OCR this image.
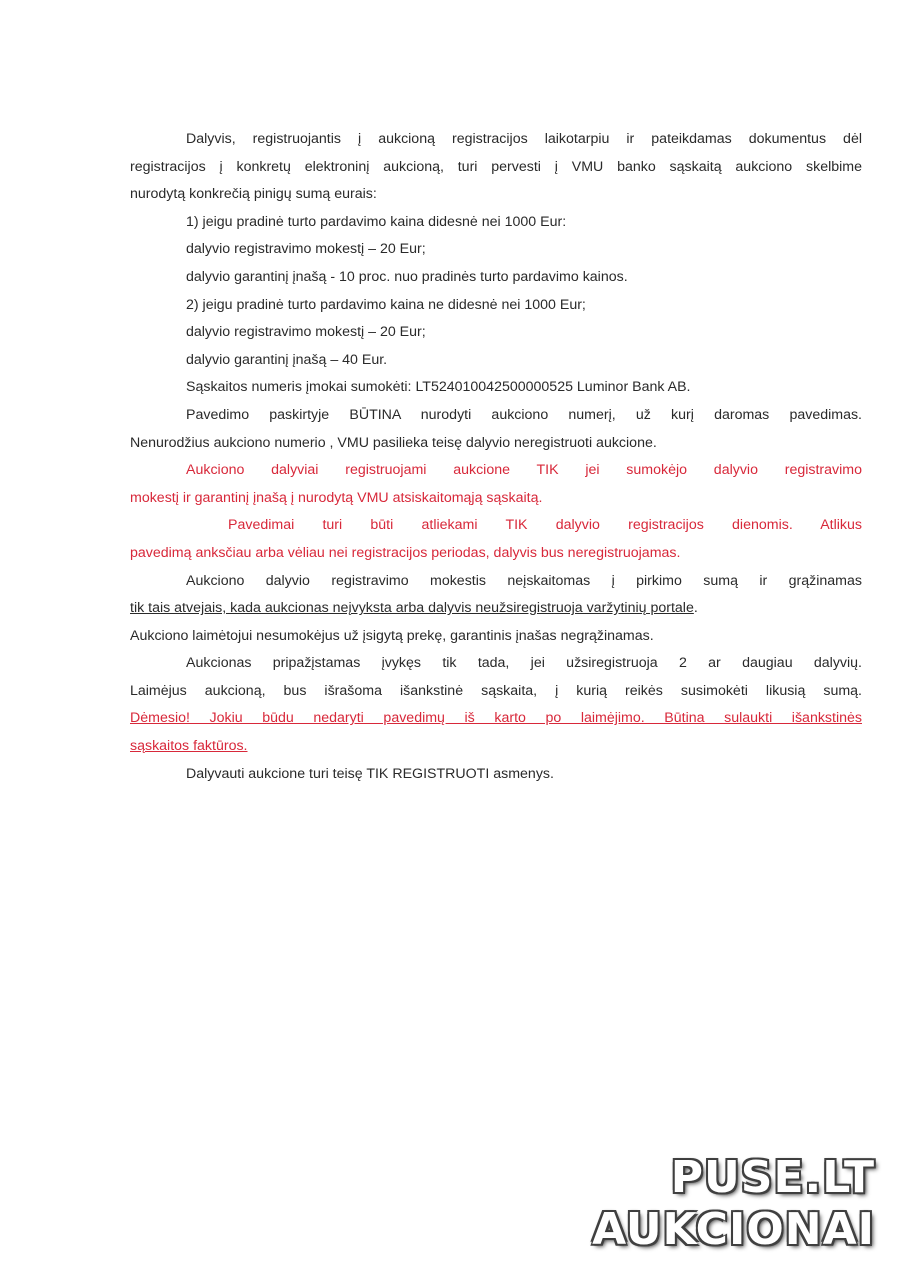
Dalyvis, registruojantis į aukcioną registracijos laikotarpiu ir pateikdamas dokumentus dėl
registracijos į konkretų elektroninį aukcioną, turi pervesti į VMU banko sąskaitą aukciono skelbime
nurodytą konkrečią pinigų sumą eurais:
1) jeigu pradinė turto pardavimo kaina didesnė nei 1000 Eur:
dalyvio registravimo mokestį – 20 Eur;
dalyvio garantinį įnašą - 10 proc. nuo pradinės turto pardavimo kainos.
2) jeigu pradinė turto pardavimo kaina ne didesnė nei 1000 Eur;
dalyvio registravimo mokestį – 20 Eur;
dalyvio garantinį įnašą – 40 Eur.
Sąskaitos numeris įmokai sumokėti: LT524010042500000525 Luminor Bank AB.
Pavedimo paskirtyje BŪTINA nurodyti aukciono numerį, už kurį daromas pavedimas.
Nenurodžius aukciono numerio , VMU pasilieka teisę dalyvio neregistruoti aukcione.
Aukciono dalyviai registruojami aukcione TIK jei sumokėjo dalyvio registravimo
mokestį ir garantinį įnašą į nurodytą VMU atsiskaitomąją sąskaitą.
Pavedimai turi būti atliekami TIK dalyvio registracijos dienomis. Atlikus
pavedimą anksčiau arba vėliau nei registracijos periodas, dalyvis bus neregistruojamas.
Aukciono dalyvio registravimo mokestis neįskaitomas į pirkimo sumą ir grąžinamas
tik tais atvejais, kada aukcionas neįvyksta arba dalyvis neužsiregistruoja varžytinių portale.
Aukciono laimėtojui nesumokėjus už įsigytą prekę, garantinis įnašas negrąžinamas.
Aukcionas pripažįstamas įvykęs tik tada, jei užsiregistruoja 2 ar daugiau dalyvių.
Laimėjus aukcioną, bus išrašoma išankstinė sąskaita, į kurią reikės susimokėti likusią sumą.
Dėmesio! Jokiu būdu nedaryti pavedimų iš karto po laimėjimo. Būtina sulaukti išankstinės
sąskaitos faktūros.
Dalyvauti aukcione turi teisę TIK REGISTRUOTI asmenys.
PUSE.LT
AUKCIONAI
